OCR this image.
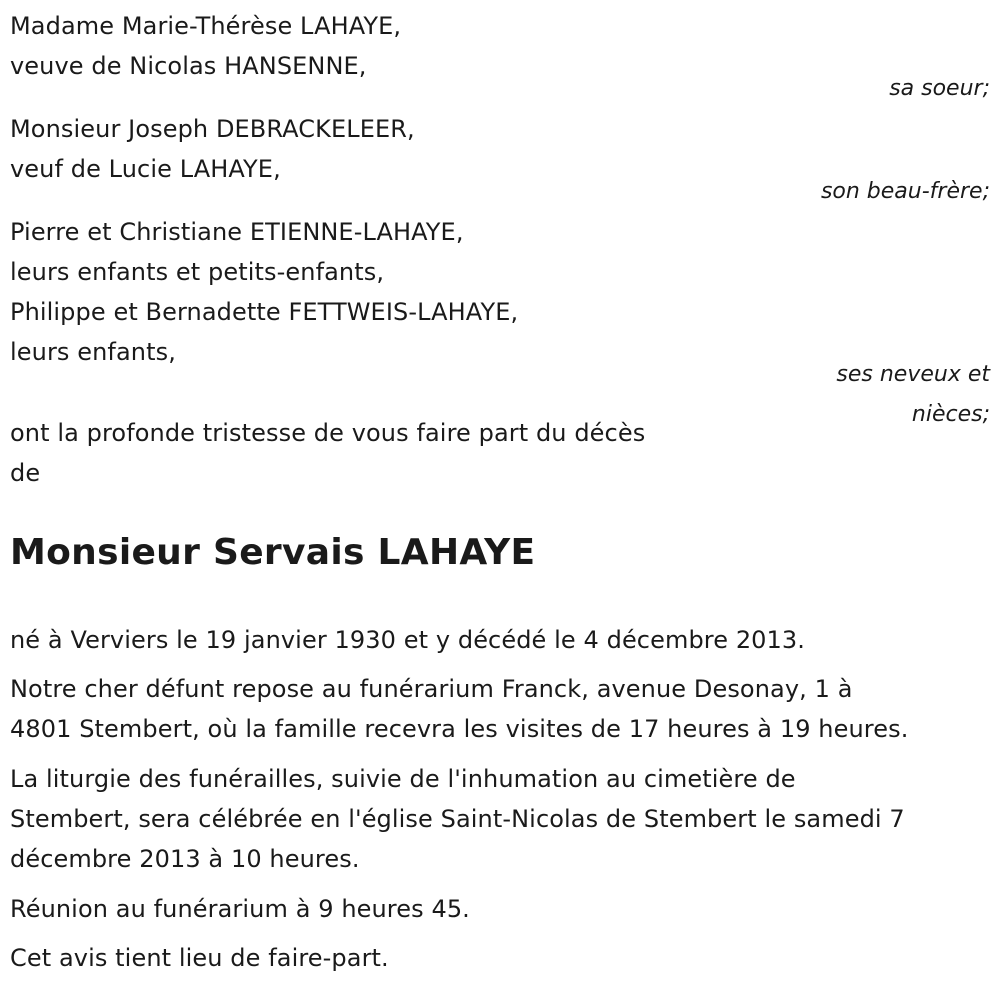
Madame Marie-Thérèse LAHAYE,
veuve de Nicolas HANSENNE,
sa soeur;
Monsieur Joseph DEBRACKELEER,
veuf de Lucie LAHAYE,
son beau-frère;
Pierre et Christiane ETIENNE-LAHAYE,
leurs enfants et petits-enfants,
Philippe et Bernadette FETTWEIS-LAHAYE,
leurs enfants,
ses neveux et
nièces;
ont la profonde tristesse de vous faire part du décès
de
Monsieur Servais LAHAYE
né à Verviers le 19 janvier 1930 et y décédé le 4 décembre 2013.
Notre cher défunt repose au funérarium Franck, avenue Desonay, 1 à
4801 Stembert, où la famille recevra les visites de 17 heures à 19 heures.
La liturgie des funérailles, suivie de l'inhumation au cimetière de
Stembert, sera célébrée en l'église Saint-Nicolas de Stembert le samedi 7
décembre 2013 à 10 heures.
Réunion au funérarium à 9 heures 45.
Cet avis tient lieu de faire-part.
